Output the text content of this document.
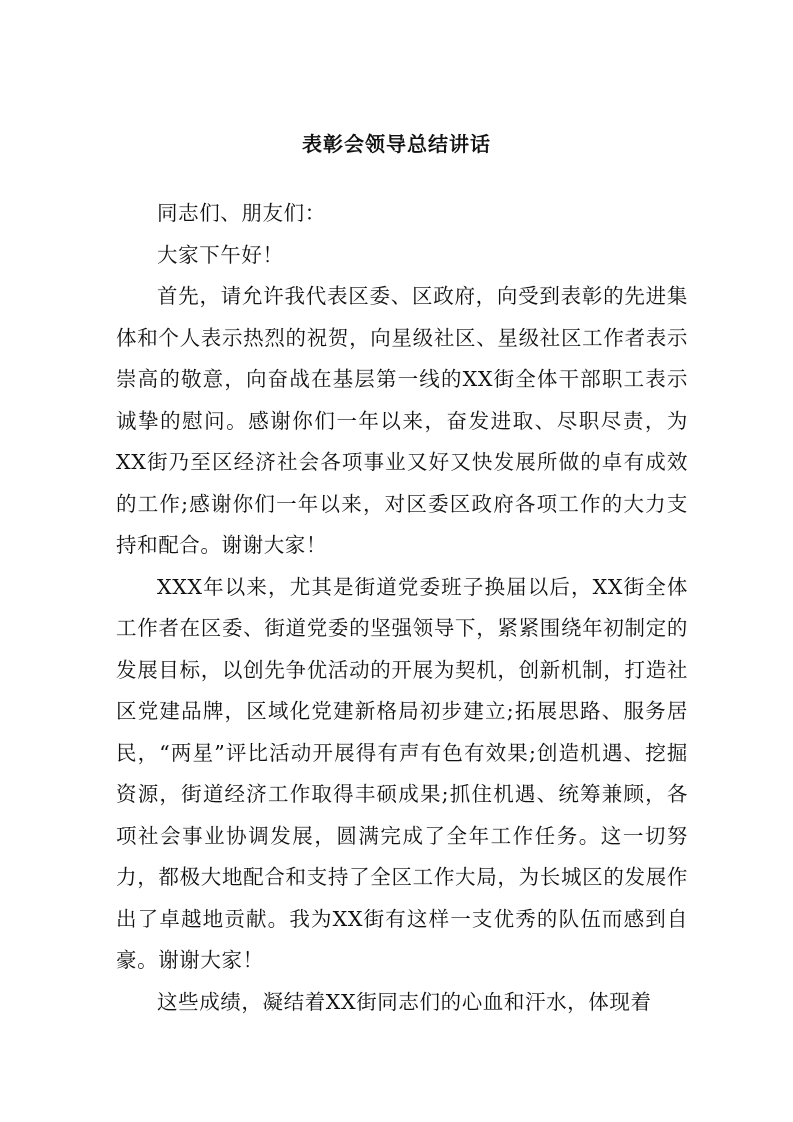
表彰会领导总结讲话

同志们、朋友们：

大家下午好！

首先，请允许我代表区委、区政府，向受到表彰的先进集体和个人表示热烈的祝贺，向星级社区、星级社区工作者表示崇高的敬意，向奋战在基层第一线的XX街全体干部职工表示诚挚的慰问。感谢你们一年以来，奋发进取、尽职尽责，为XX街乃至区经济社会各项事业又好又快发展所做的卓有成效的工作;感谢你们一年以来，对区委区政府各项工作的大力支持和配合。谢谢大家！

XXX年以来，尤其是街道党委班子换届以后，XX街全体工作者在区委、街道党委的坚强领导下，紧紧围绕年初制定的发展目标，以创先争优活动的开展为契机，创新机制，打造社区党建品牌，区域化党建新格局初步建立;拓展思路、服务居民，“两星”评比活动开展得有声有色有效果;创造机遇、挖掘资源，街道经济工作取得丰硕成果;抓住机遇、统筹兼顾，各项社会事业协调发展，圆满完成了全年工作任务。这一切努力，都极大地配合和支持了全区工作大局，为长城区的发展作出了卓越地贡献。我为XX街有这样一支优秀的队伍而感到自豪。谢谢大家！

这些成绩，凝结着XX街同志们的心血和汗水，体现着
